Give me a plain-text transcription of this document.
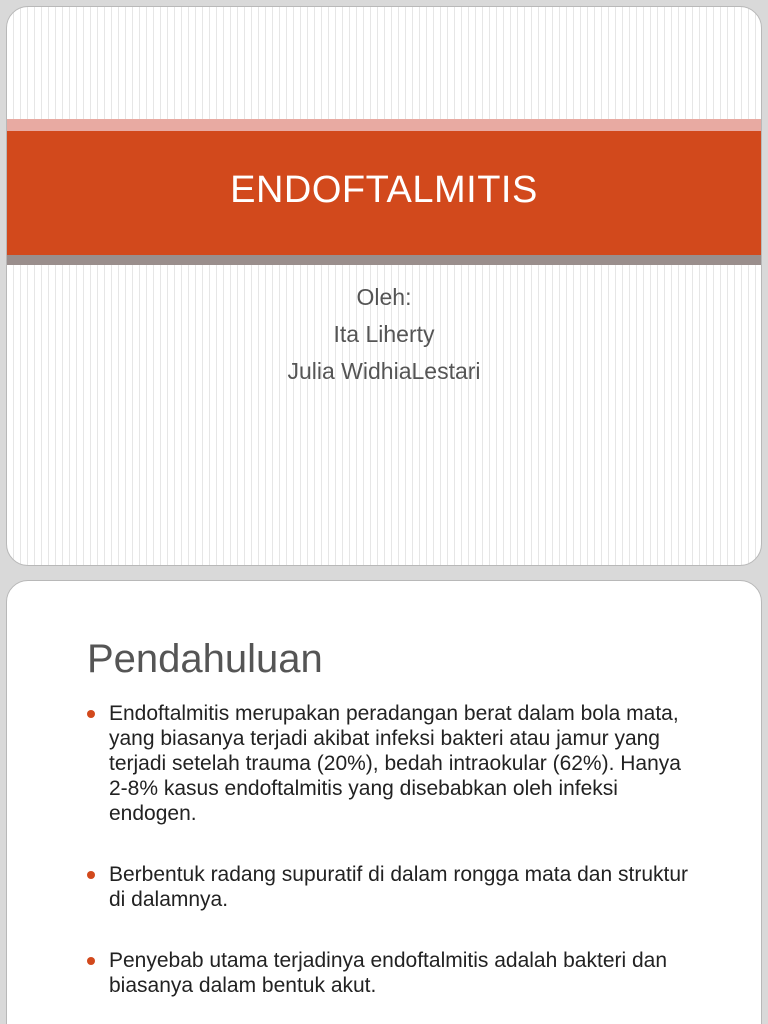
ENDOFTALMITIS
Oleh:
Ita Liherty
Julia WidhiaLestari
Pendahuluan
Endoftalmitis merupakan peradangan berat dalam bola mata, yang biasanya terjadi akibat infeksi bakteri atau jamur yang terjadi setelah trauma (20%), bedah intraokular (62%). Hanya 2-8% kasus endoftalmitis yang disebabkan oleh infeksi endogen.
Berbentuk radang supuratif di dalam rongga mata dan struktur di dalamnya.
Penyebab utama terjadinya endoftalmitis adalah bakteri dan biasanya dalam bentuk akut.
